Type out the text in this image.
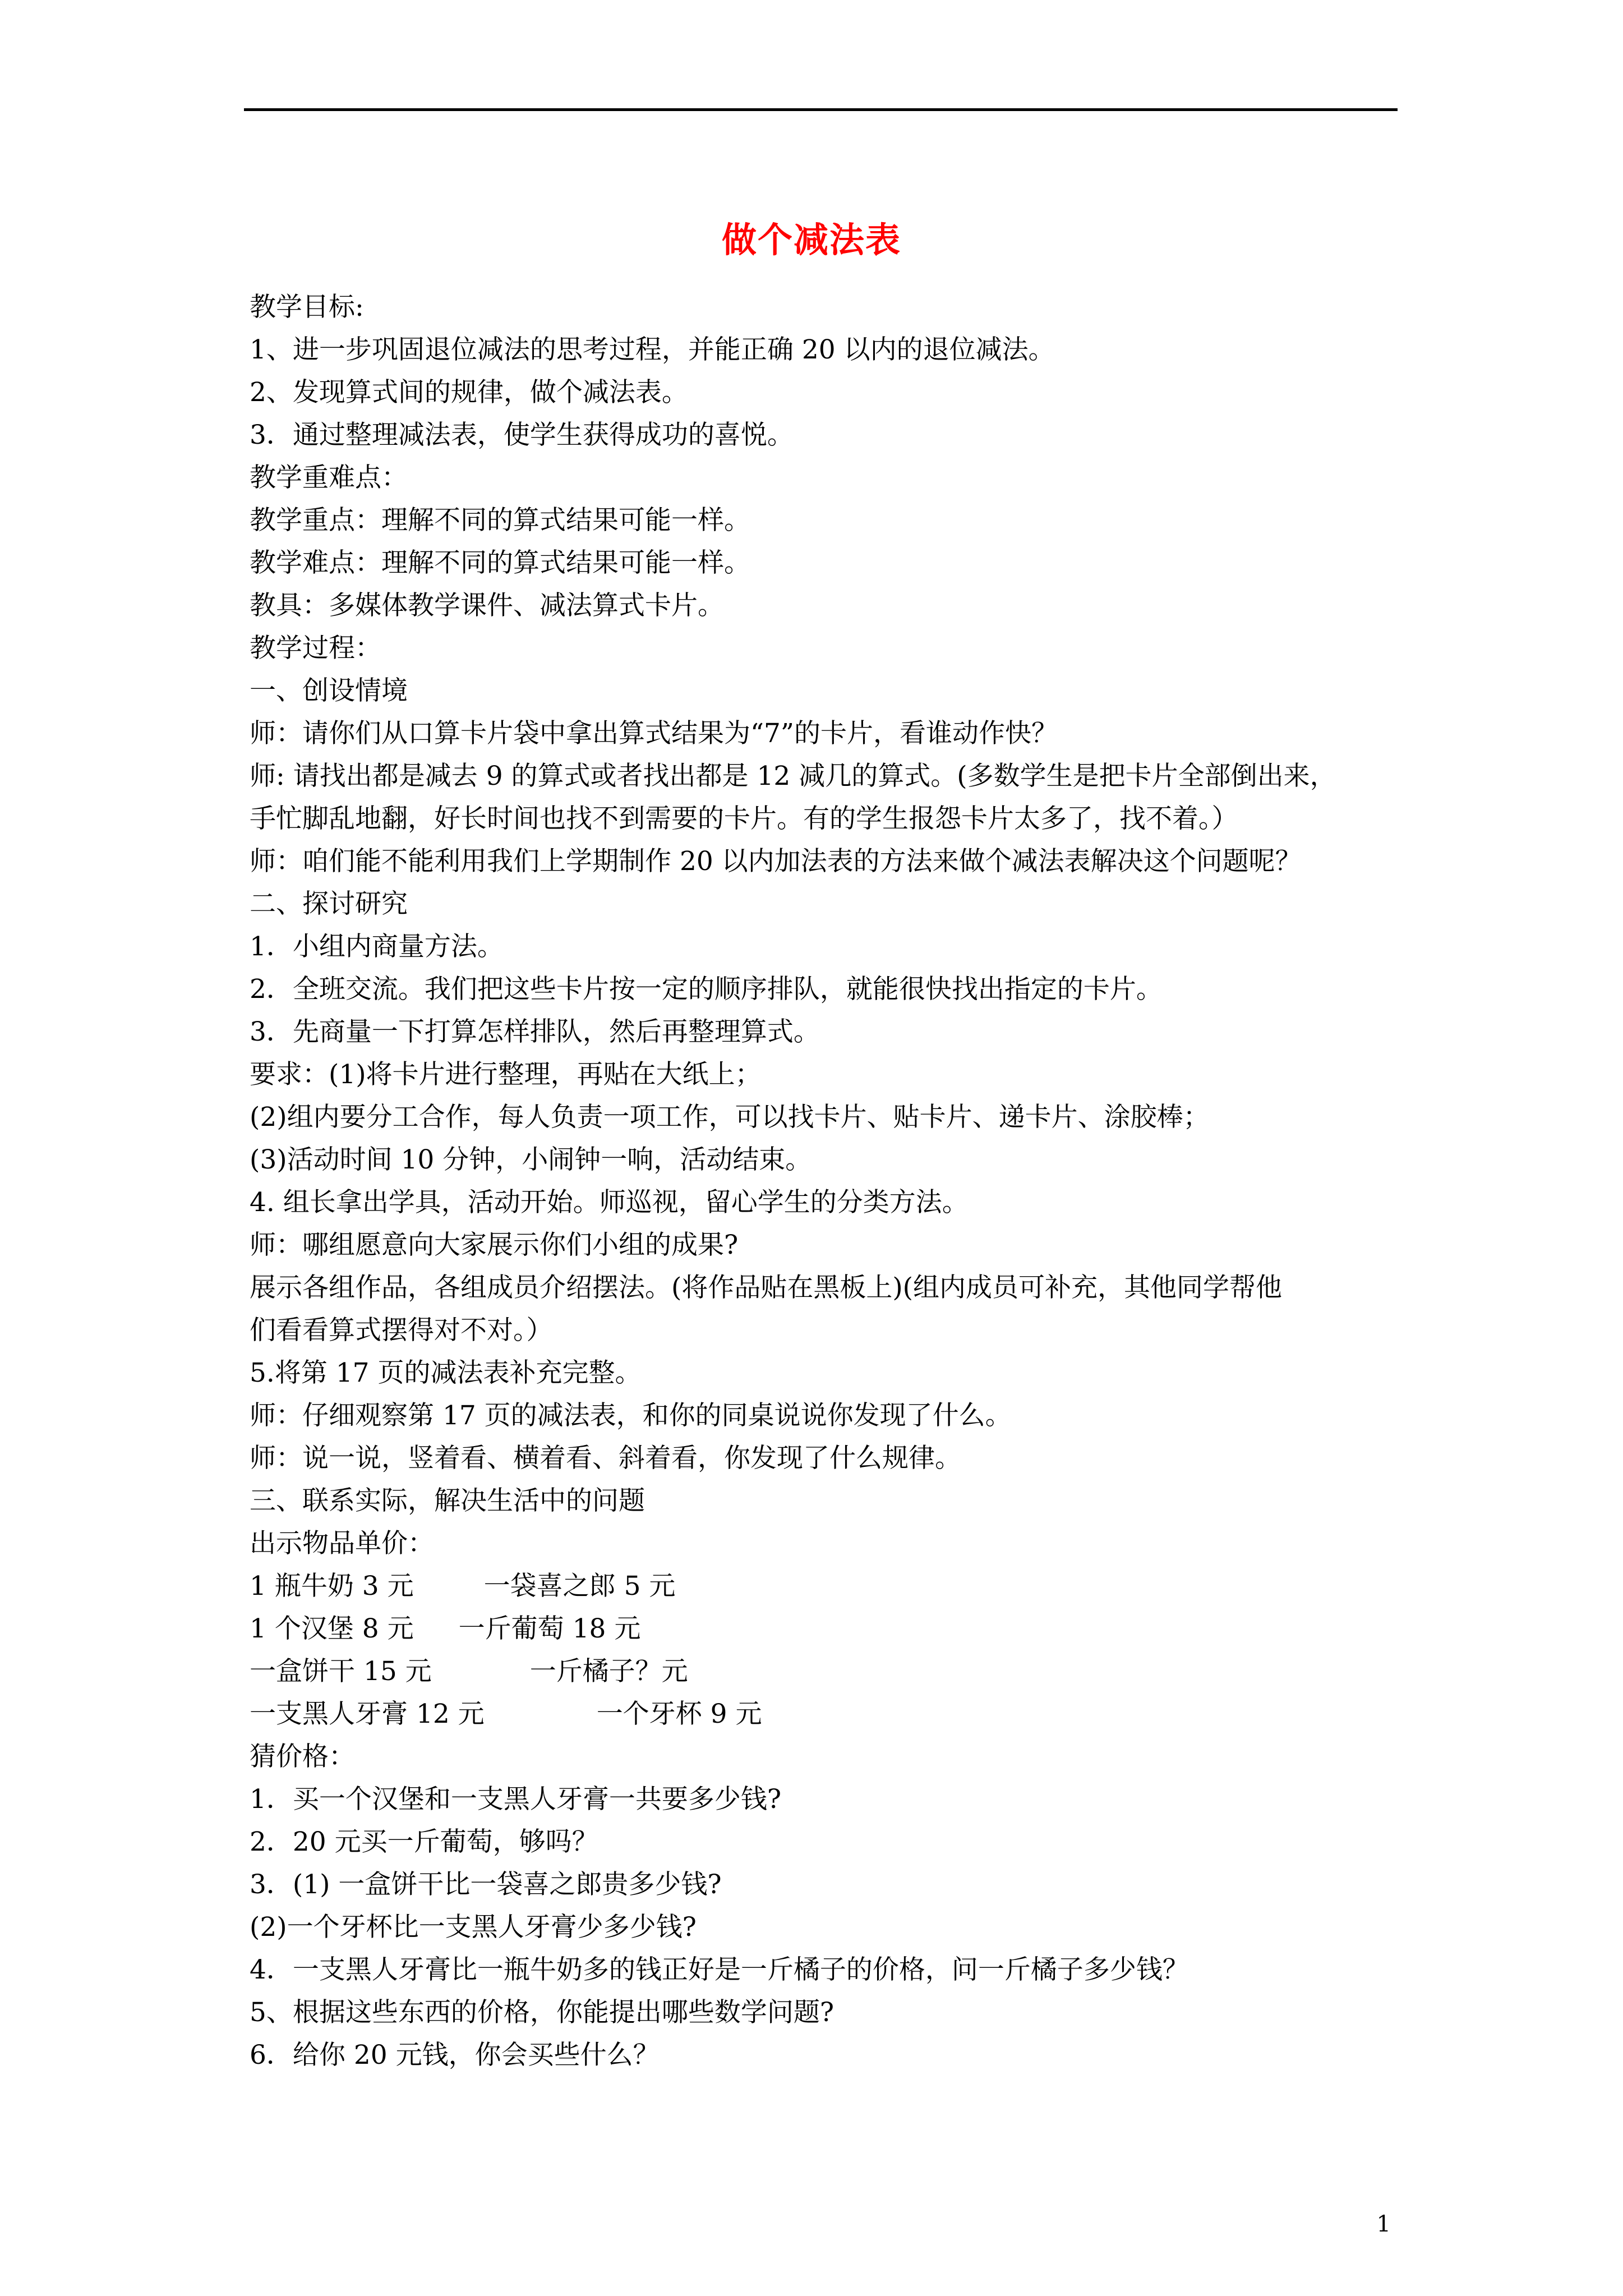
做个减法表
教学目标:
1、进一步巩固退位减法的思考过程，并能正确 20 以内的退位减法。
2、发现算式间的规律，做个减法表。
3．通过整理减法表，使学生获得成功的喜悦。
教学重难点：
教学重点：理解不同的算式结果可能一样。
教学难点：理解不同的算式结果可能一样。
教具：多媒体教学课件、减法算式卡片。
教学过程：
一、创设情境
师：请你们从口算卡片袋中拿出算式结果为“7”的卡片，看谁动作快？
师: 请找出都是减去 9 的算式或者找出都是 12 减几的算式。(多数学生是把卡片全部倒出来，
手忙脚乱地翻，好长时间也找不到需要的卡片。有的学生报怨卡片太多了，找不着。）
师：咱们能不能利用我们上学期制作 20 以内加法表的方法来做个减法表解决这个问题呢？
二、探讨研究
1．小组内商量方法。
2．全班交流。我们把这些卡片按一定的顺序排队，就能很快找出指定的卡片。
3．先商量一下打算怎样排队，然后再整理算式。
要求：(1)将卡片进行整理，再贴在大纸上；
(2)组内要分工合作，每人负责一项工作，可以找卡片、贴卡片、递卡片、涂胶棒；
(3)活动时间 10 分钟，小闹钟一响，活动结束。
4. 组长拿出学具，活动开始。师巡视，留心学生的分类方法。
师：哪组愿意向大家展示你们小组的成果?
展示各组作品，各组成员介绍摆法。(将作品贴在黑板上)(组内成员可补充，其他同学帮他
们看看算式摆得对不对。）
5.将第 17 页的减法表补充完整。
师：仔细观察第 17 页的减法表，和你的同桌说说你发现了什么。
师：说一说，竖着看、横着看、斜着看，你发现了什么规律。
三、联系实际，解决生活中的问题
出示物品单价：
1 瓶牛奶 3 元	一袋喜之郎 5 元
1 个汉堡 8 元 一斤葡萄 18 元
一盒饼干 15 元	一斤橘子？元
一支黑人牙膏 12 元	一个牙杯 9 元
猜价格：
1．买一个汉堡和一支黑人牙膏一共要多少钱?
2．20 元买一斤葡萄，够吗？
3．(1) 一盒饼干比一袋喜之郎贵多少钱?
(2)一个牙杯比一支黑人牙膏少多少钱?
4．一支黑人牙膏比一瓶牛奶多的钱正好是一斤橘子的价格，问一斤橘子多少钱？
5、根据这些东西的价格，你能提出哪些数学问题?
6．给你 20 元钱，你会买些什么？
1
